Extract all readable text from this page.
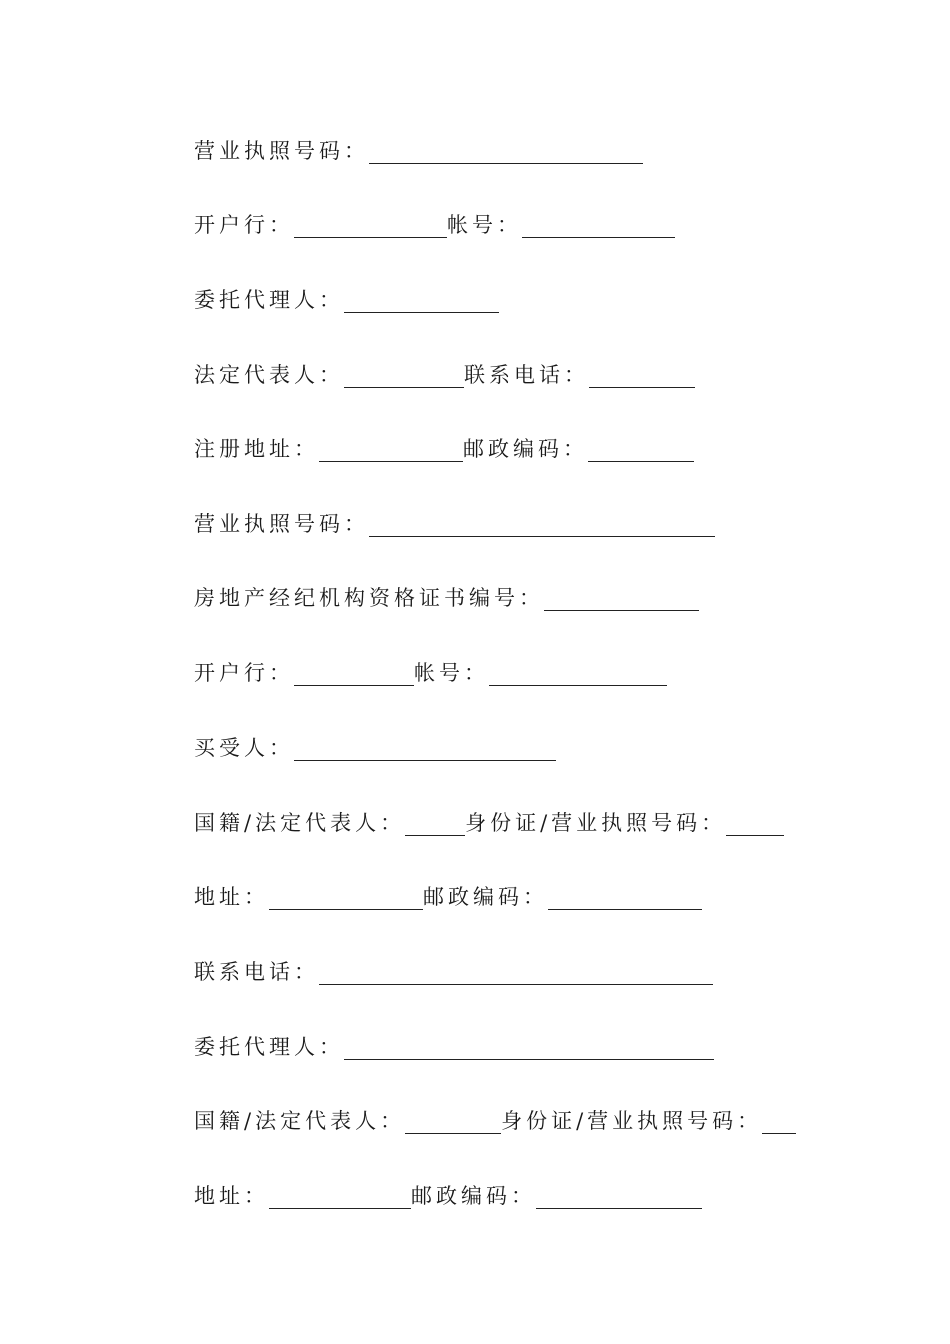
营业执照号码：
开户行：	帐号：
委托代理人：
法定代表人：	联系电话：
注册地址：	邮政编码：
营业执照号码：
房地产经纪机构资格证书编号：
开户行：	帐号：
买受人：
国籍/法定代表人：	身份证/营业执照号码：
地址：	邮政编码：
联系电话：
委托代理人：
国籍/法定代表人：	身份证/营业执照号码：
地址：	邮政编码：
